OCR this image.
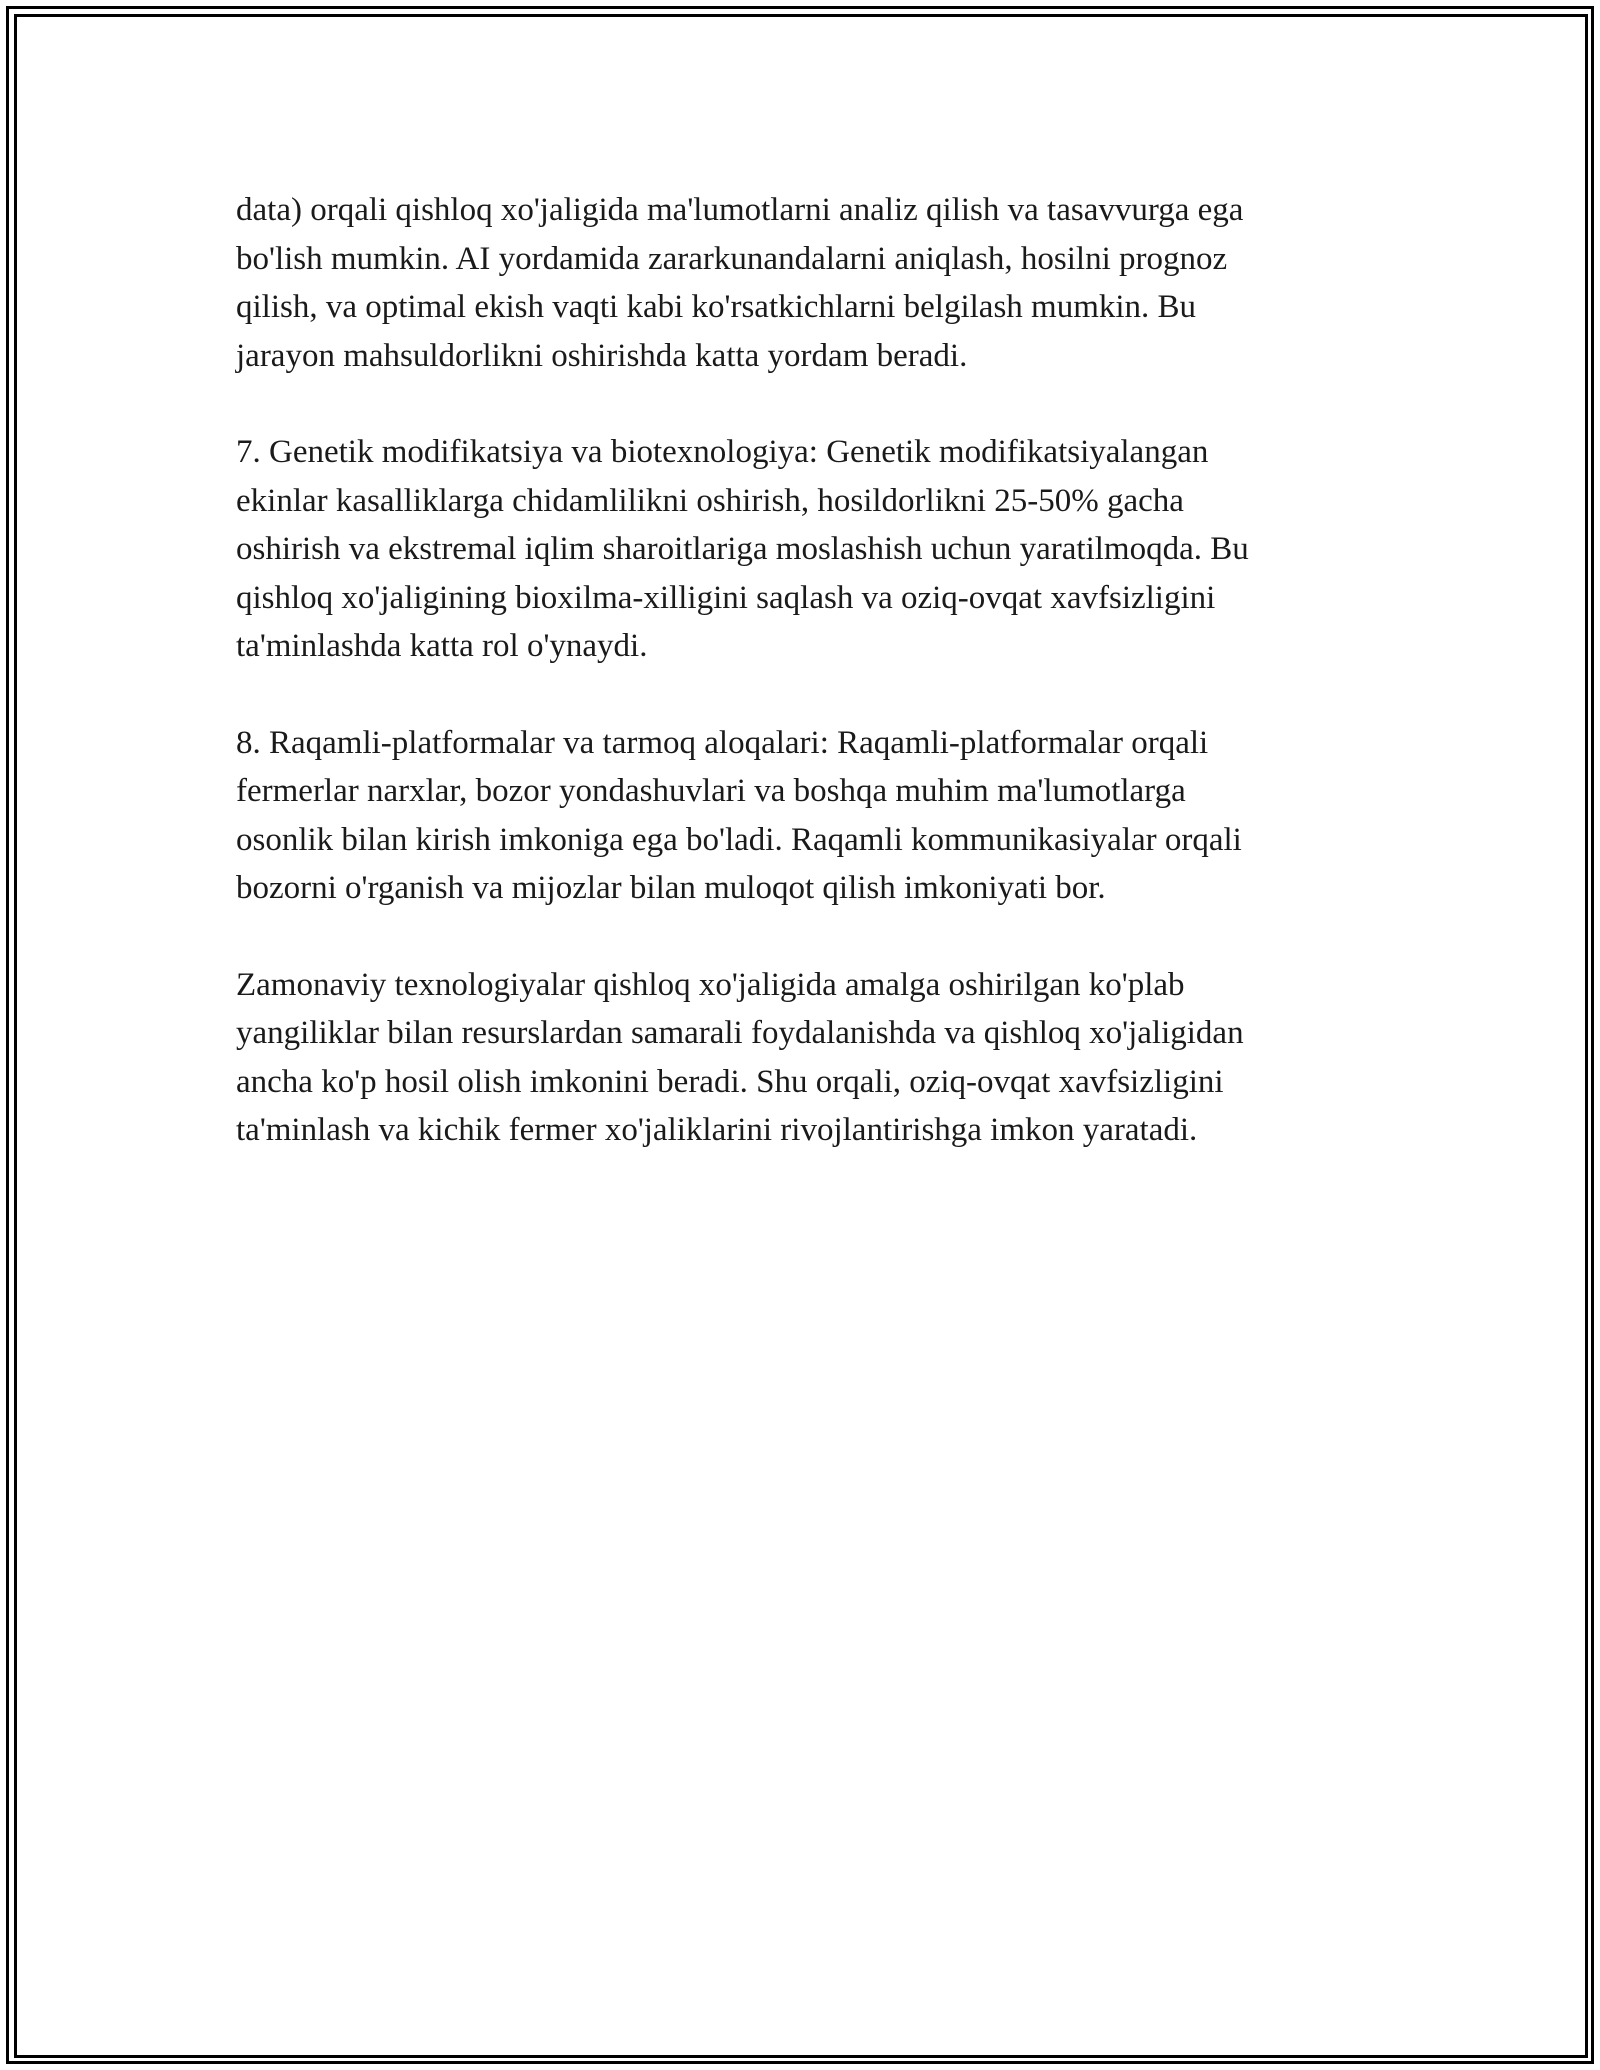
data) orqali qishloq xo'jaligida ma'lumotlarni analiz qilish va tasavvurga ega
bo'lish mumkin. AI yordamida zararkunandalarni aniqlash, hosilni prognoz
qilish, va optimal ekish vaqti kabi ko'rsatkichlarni belgilash mumkin. Bu
jarayon mahsuldorlikni oshirishda katta yordam beradi.

7. Genetik modifikatsiya va biotexnologiya: Genetik modifikatsiyalangan
ekinlar kasalliklarga chidamlilikni oshirish, hosildorlikni 25-50% gacha
oshirish va ekstremal iqlim sharoitlariga moslashish uchun yaratilmoqda. Bu
qishloq xo'jaligining bioxilma-xilligini saqlash va oziq-ovqat xavfsizligini
ta'minlashda katta rol o'ynaydi.

8. Raqamli-platformalar va tarmoq aloqalari: Raqamli-platformalar orqali
fermerlar narxlar, bozor yondashuvlari va boshqa muhim ma'lumotlarga
osonlik bilan kirish imkoniga ega bo'ladi. Raqamli kommunikasiyalar orqali
bozorni o'rganish va mijozlar bilan muloqot qilish imkoniyati bor.

Zamonaviy texnologiyalar qishloq xo'jaligida amalga oshirilgan ko'plab
yangiliklar bilan resurslardan samarali foydalanishda va qishloq xo'jaligidan
ancha ko'p hosil olish imkonini beradi. Shu orqali, oziq-ovqat xavfsizligini
ta'minlash va kichik fermer xo'jaliklarini rivojlantirishga imkon yaratadi.
